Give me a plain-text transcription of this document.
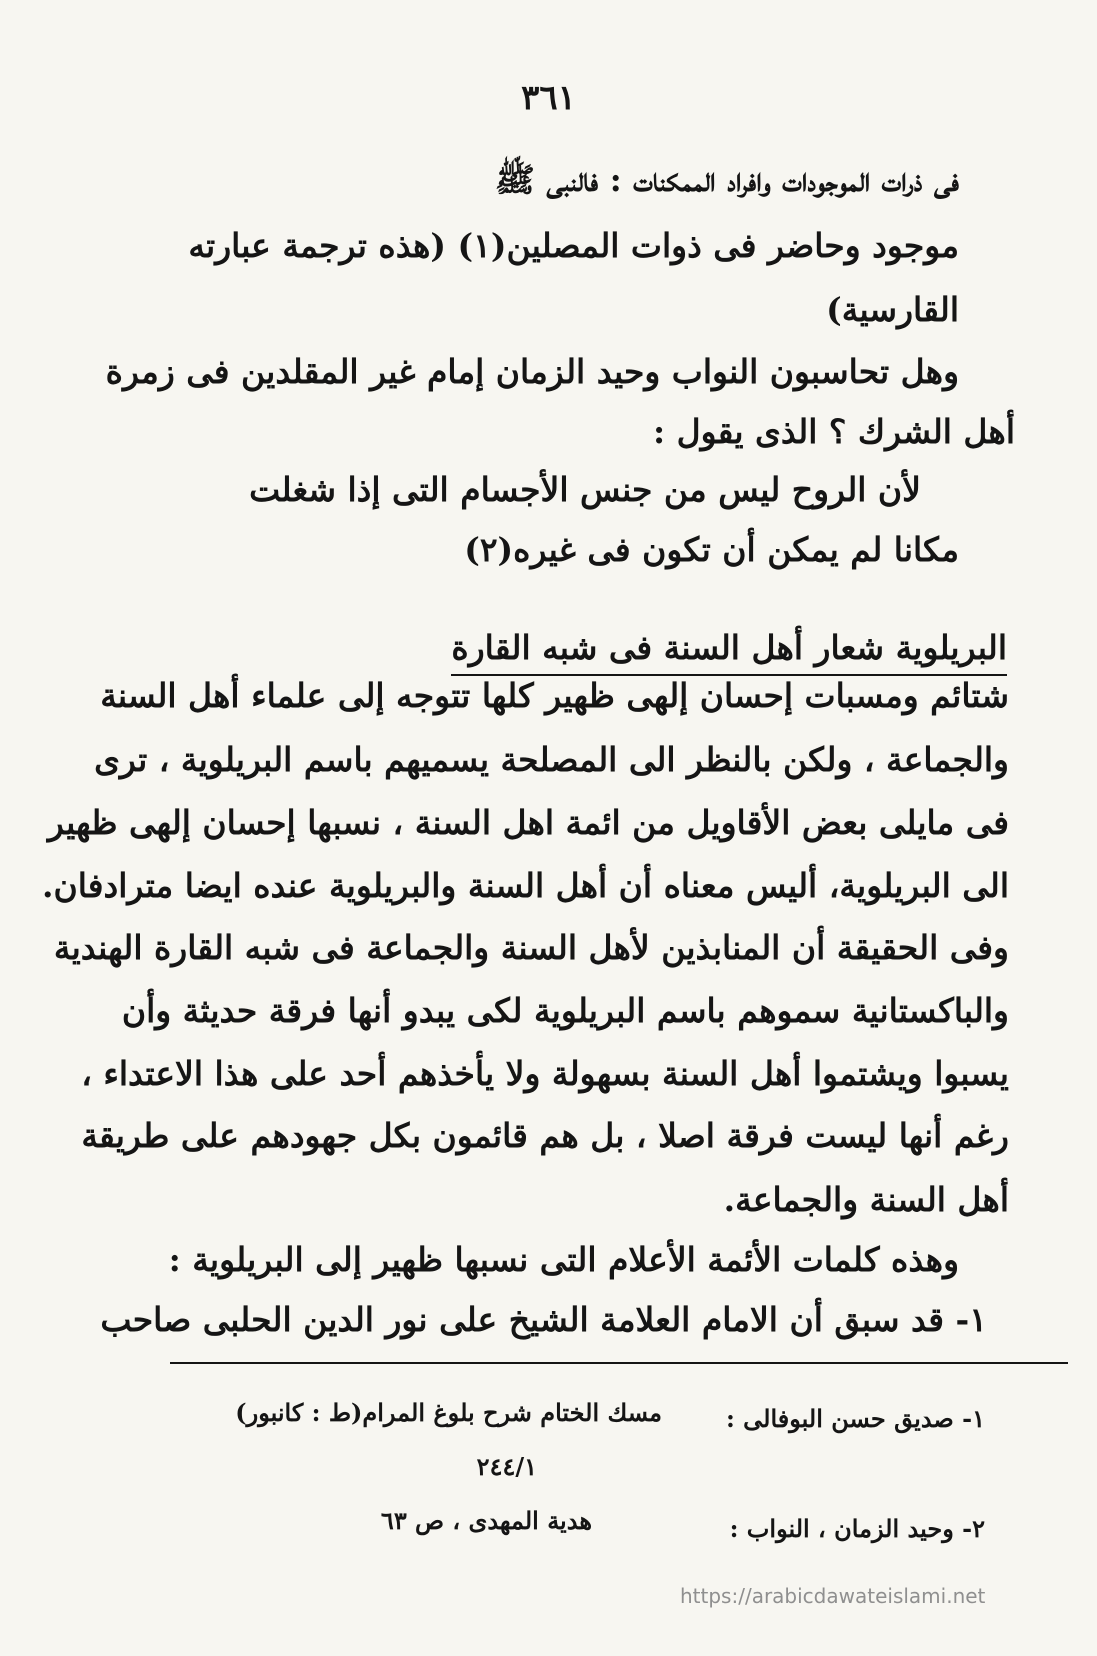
٣٦١
فى ذرات الموجودات وافراد الممكنات : فالنبى ﷺ
موجود وحاضر فى ذوات المصلين(١) (هذه ترجمة عبارته
القارسية)
وهل تحاسبون النواب وحيد الزمان إمام غير المقلدين فى زمرة
أهل الشرك ؟ الذى يقول :
لأن الروح ليس من جنس الأجسام التى إذا شغلت
مكانا لم يمكن أن تكون فى غيره(٢)
البريلوية شعار أهل السنة فى شبه القارة
شتائم ومسبات إحسان إلهى ظهير كلها تتوجه إلى علماء أهل السنة
والجماعة ، ولكن بالنظر الى المصلحة يسميهم باسم البريلوية ، ترى
فى مايلى بعض الأقاويل من ائمة اهل السنة ، نسبها إحسان إلهى ظهير
الى البريلوية، أليس معناه أن أهل السنة والبريلوية عنده ايضا مترادفان.
وفى الحقيقة أن المنابذين لأهل السنة والجماعة فى شبه القارة الهندية
والباكستانية سموهم باسم البريلوية لكى يبدو أنها فرقة حديثة وأن
يسبوا ويشتموا أهل السنة بسهولة ولا يأخذهم أحد على هذا الاعتداء ،
رغم أنها ليست فرقة اصلا ، بل هم قائمون بكل جهودهم على طريقة
أهل السنة والجماعة.
وهذه كلمات الأئمة الأعلام التى نسبها ظهير إلى البريلوية :
١- قد سبق أن الامام العلامة الشيخ على نور الدين الحلبى صاحب
١- صديق حسن البوفالى :
مسك الختام شرح بلوغ المرام(ط : كانبور)
٢٤٤/١
٢- وحيد الزمان ، النواب :
هدية المهدى ، ص ٦٣
https://arabicdawateislami.net
